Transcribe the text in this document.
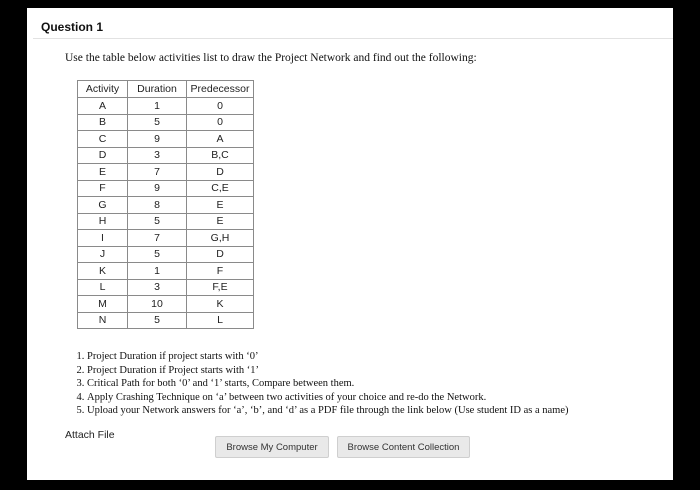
Question 1
Use the table below activities list to draw the Project Network and find out the following:
Activity	Duration	Predecessor
A	1	0
B	5	0
C	9	A
D	3	B,C
E	7	D
F	9	C,E
G	8	E
H	5	E
I	7	G,H
J	5	D
K	1	F
L	3	F,E
M	10	K
N	5	L
1. Project Duration if project starts with ‘0’
2. Project Duration if Project starts with ‘1’
3. Critical Path for both ‘0’ and ‘1’ starts, Compare between them.
4. Apply Crashing Technique on ‘a’ between two activities of your choice and re-do the Network.
5. Upload your Network answers for ‘a’, ‘b’, and ‘d’ as a PDF file through the link below (Use student ID as a name)
Attach File
Browse My Computer	Browse Content Collection
